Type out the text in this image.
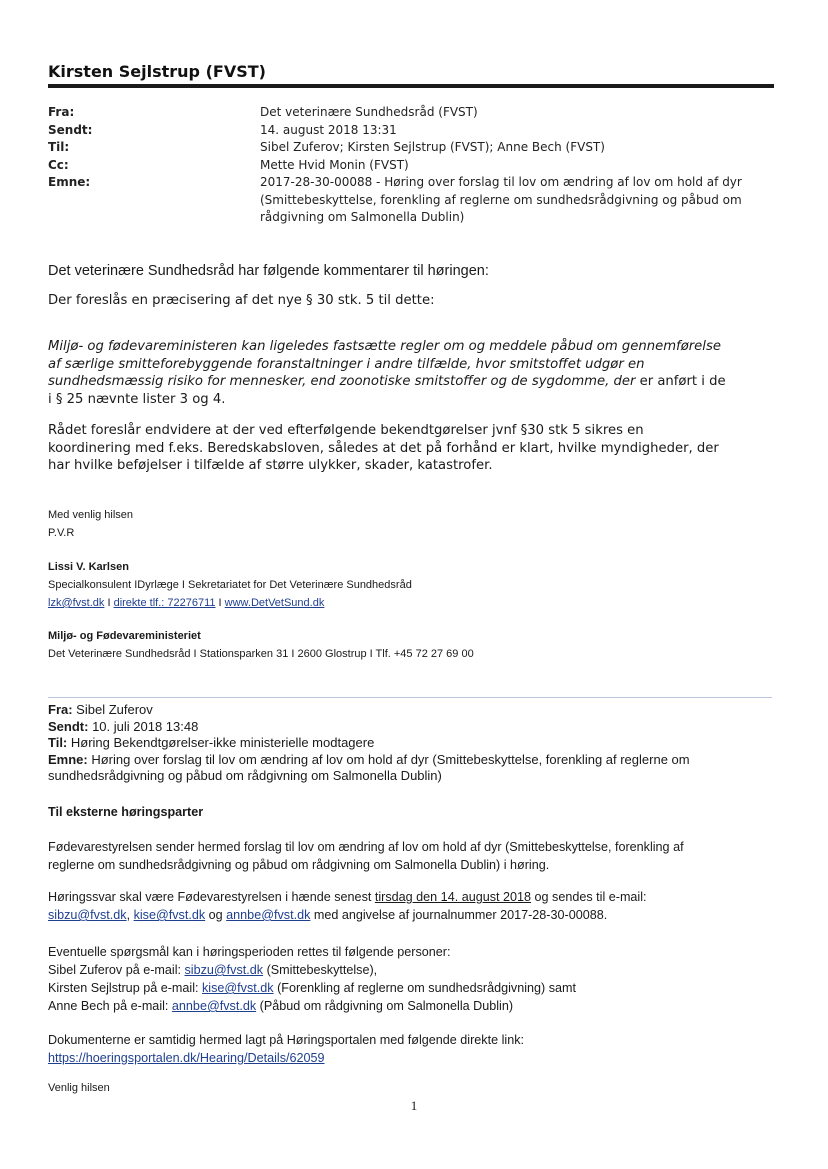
Kirsten Sejlstrup (FVST)
Fra:	Det veterinære Sundhedsråd (FVST)
Sendt:	14. august 2018 13:31
Til:	Sibel Zuferov; Kirsten Sejlstrup (FVST); Anne Bech (FVST)
Cc:	Mette Hvid Monin (FVST)
Emne:	2017-28-30-00088 - Høring over forslag til lov om ændring af lov om hold af dyr
(Smittebeskyttelse, forenkling af reglerne om sundhedsrådgivning og påbud om
rådgivning om Salmonella Dublin)
Det veterinære Sundhedsråd har følgende kommentarer til høringen:
Der foreslås en præcisering af det nye § 30 stk. 5 til dette:
Miljø- og fødevareministeren kan ligeledes fastsætte regler om og meddele påbud om gennemførelse
af særlige smitteforebyggende foranstaltninger i andre tilfælde, hvor smitstoffet udgør en
sundhedsmæssig risiko for mennesker, end zoonotiske smitstoffer og de sygdomme, der er anført i de
i § 25 nævnte lister 3 og 4.
Rådet foreslår endvidere at der ved efterfølgende bekendtgørelser jvnf §30 stk 5 sikres en
koordinering med f.eks. Beredskabsloven, således at det på forhånd er klart, hvilke myndigheder, der
har hvilke beføjelser i tilfælde af større ulykker, skader, katastrofer.
Med venlig hilsen
P.V.R
Lissi V. Karlsen
Specialkonsulent IDyrlæge I Sekretariatet for Det Veterinære Sundhedsråd
lzk@fvst.dk I direkte tlf.: 72276711 I www.DetVetSund.dk
Miljø- og Fødevareministeriet
Det Veterinære Sundhedsråd I Stationsparken 31 I 2600 Glostrup I Tlf. +45 72 27 69 00
Fra: Sibel Zuferov
Sendt: 10. juli 2018 13:48
Til: Høring Bekendtgørelser-ikke ministerielle modtagere
Emne: Høring over forslag til lov om ændring af lov om hold af dyr (Smittebeskyttelse, forenkling af reglerne om
sundhedsrådgivning og påbud om rådgivning om Salmonella Dublin)
Til eksterne høringsparter
Fødevarestyrelsen sender hermed forslag til lov om ændring af lov om hold af dyr (Smittebeskyttelse, forenkling af
reglerne om sundhedsrådgivning og påbud om rådgivning om Salmonella Dublin) i høring.
Høringssvar skal være Fødevarestyrelsen i hænde senest tirsdag den 14. august 2018 og sendes til e-mail:
sibzu@fvst.dk, kise@fvst.dk og annbe@fvst.dk med angivelse af journalnummer 2017-28-30-00088.
Eventuelle spørgsmål kan i høringsperioden rettes til følgende personer:
Sibel Zuferov på e-mail: sibzu@fvst.dk (Smittebeskyttelse),
Kirsten Sejlstrup på e-mail: kise@fvst.dk (Forenkling af reglerne om sundhedsrådgivning) samt
Anne Bech på e-mail: annbe@fvst.dk (Påbud om rådgivning om Salmonella Dublin)
Dokumenterne er samtidig hermed lagt på Høringsportalen med følgende direkte link:
https://hoeringsportalen.dk/Hearing/Details/62059
Venlig hilsen
1
